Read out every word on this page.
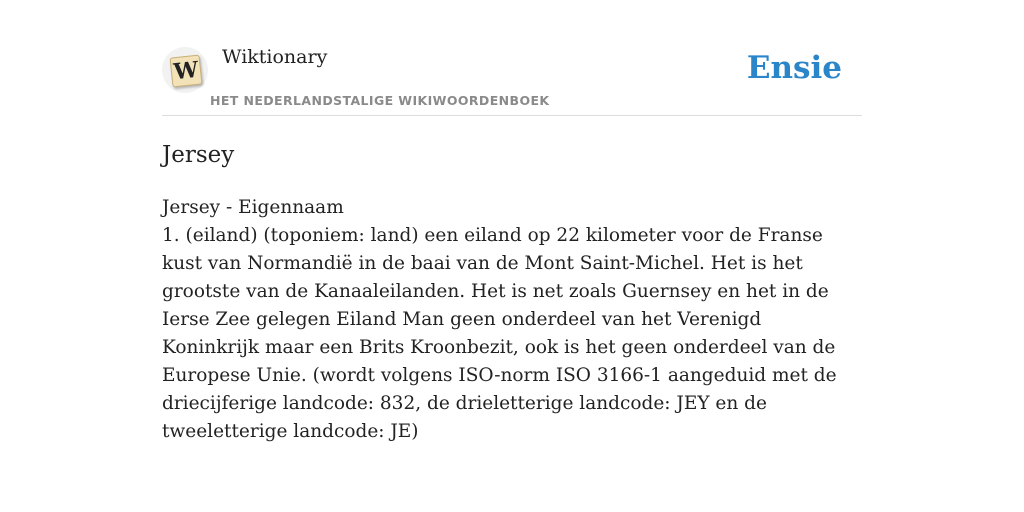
W Wiktionary
HET NEDERLANDSTALIGE WIKIWOORDENBOEK
Ensie
Jersey

Jersey - Eigennaam

1. (eiland) (toponiem: land) een eiland op 22 kilometer voor de Franse kust van Normandië in de baai van de Mont Saint-Michel. Het is het grootste van de Kanaaleilanden. Het is net zoals Guernsey en het in de Ierse Zee gelegen Eiland Man geen onderdeel van het Verenigd Koninkrijk maar een Brits Kroonbezit, ook is het geen onderdeel van de Europese Unie. (wordt volgens ISO-norm ISO 3166-1 aangeduid met de driecijferige landcode: 832, de drieletterige landcode: JEY en de tweeletterige landcode: JE)
